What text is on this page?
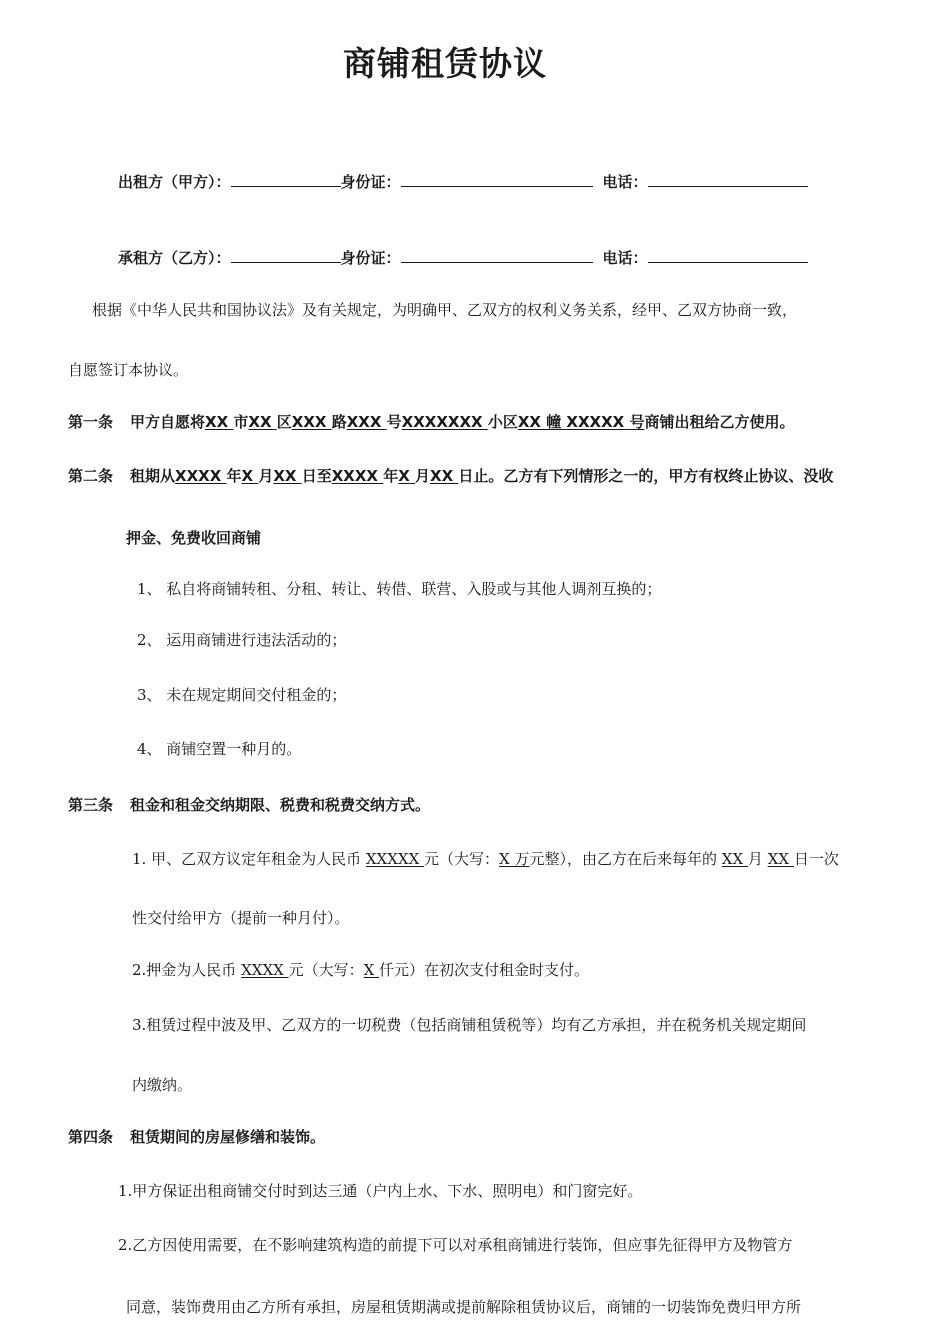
商铺租赁协议
出租方（甲方）：	身份证：	电话：
承租方（乙方）：	身份证：	电话：
根据《中华人民共和国协议法》及有关规定，为明确甲、乙双方的权利义务关系，经甲、乙双方协商一致，
自愿签订本协议。
第一条 甲方自愿将XX 市XX 区XXX 路XXX 号XXXXXXX 小区XX 幢 XXXXX 号商铺出租给乙方使用。
第二条 租期从XXXX 年X 月XX 日至XXXX 年X 月XX 日止。乙方有下列情形之一的，甲方有权终止协议、没收
押金、免费收回商铺
1、 私自将商铺转租、分租、转让、转借、联营、入股或与其他人调剂互换的；
2、 运用商铺进行违法活动的；
3、 未在规定期间交付租金的；
4、 商铺空置一种月的。
第三条 租金和租金交纳期限、税费和税费交纳方式。
1. 甲、乙双方议定年租金为人民币 XXXXX 元（大写：X 万元整），由乙方在后来每年的 XX 月 XX 日一次
性交付给甲方（提前一种月付）。
2.押金为人民币 XXXX 元（大写：X 仟元）在初次支付租金时支付。
3.租赁过程中波及甲、乙双方的一切税费（包括商铺租赁税等）均有乙方承担，并在税务机关规定期间
内缴纳。
第四条 租赁期间的房屋修缮和装饰。
1.甲方保证出租商铺交付时到达三通（户内上水、下水、照明电）和门窗完好。
2.乙方因使用需要，在不影响建筑构造的前提下可以对承租商铺进行装饰，但应事先征得甲方及物管方
同意，装饰费用由乙方所有承担，房屋租赁期满或提前解除租赁协议后，商铺的一切装饰免费归甲方所
